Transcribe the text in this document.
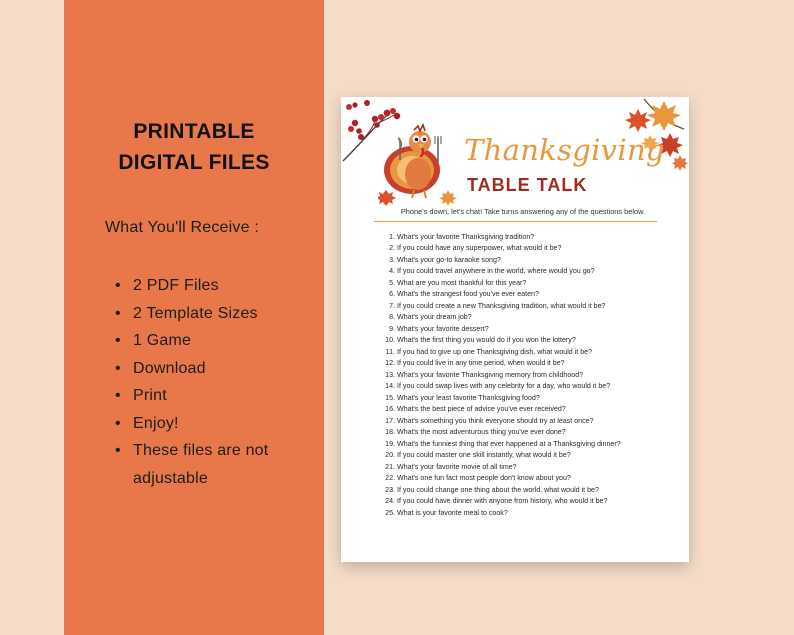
PRINTABLE
DIGITAL FILES
What You'll Receive :
• 2 PDF Files
• 2 Template Sizes
• 1 Game
• Download
• Print
• Enjoy!
• These files are not adjustable
Thanksgiving
TABLE TALK
Phone's down, let's chat! Take turns answering any of the questions below.
1. What's your favorite Thanksgiving tradition?
2. If you could have any superpower, what would it be?
3. What's your go-to karaoke song?
4. If you could travel anywhere in the world, where would you go?
5. What are you most thankful for this year?
6. What's the strangest food you've ever eaten?
7. If you could create a new Thanksgiving tradition, what would it be?
8. What's your dream job?
9. What's your favorite dessert?
10. What's the first thing you would do if you won the lottery?
11. If you had to give up one Thanksgiving dish, what would it be?
12. If you could live in any time period, when would it be?
13. What's your favorite Thanksgiving memory from childhood?
14. If you could swap lives with any celebrity for a day, who would it be?
15. What's your least favorite Thanksgiving food?
16. What's the best piece of advice you've ever received?
17. What's something you think everyone should try at least once?
18. What's the most adventurous thing you've ever done?
19. What's the funniest thing that ever happened at a Thanksgiving dinner?
20. If you could master one skill instantly, what would it be?
21. What's your favorite movie of all time?
22. What's one fun fact most people don't know about you?
23. If you could change one thing about the world, what would it be?
24. If you could have dinner with anyone from history, who would it be?
25. What is your favorite meal to cook?
